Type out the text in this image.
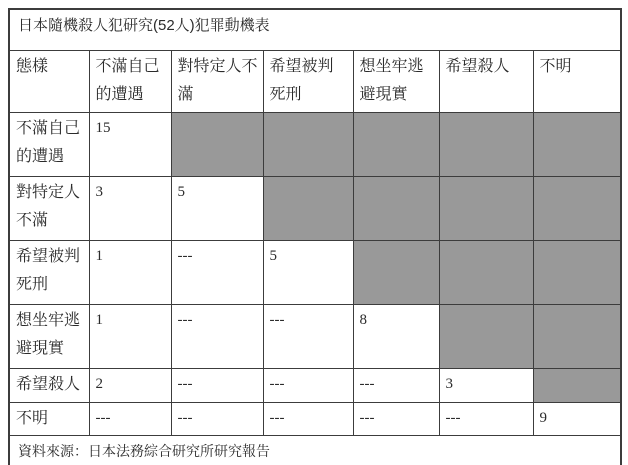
日本隨機殺人犯研究(52人)犯罪動機表						
態樣	不滿自己的遭遇	對特定人不滿	希望被判死刑	想坐牢逃避現實	希望殺人	不明
不滿自己的遭遇	15					
對特定人不滿	3	5				
希望被判死刑	1	---	5			
想坐牢逃避現實	1	---	---	8		
希望殺人	2	---	---	---	3	
不明	---	---	---	---	---	9
資料來源：日本法務綜合研究所研究報告						
